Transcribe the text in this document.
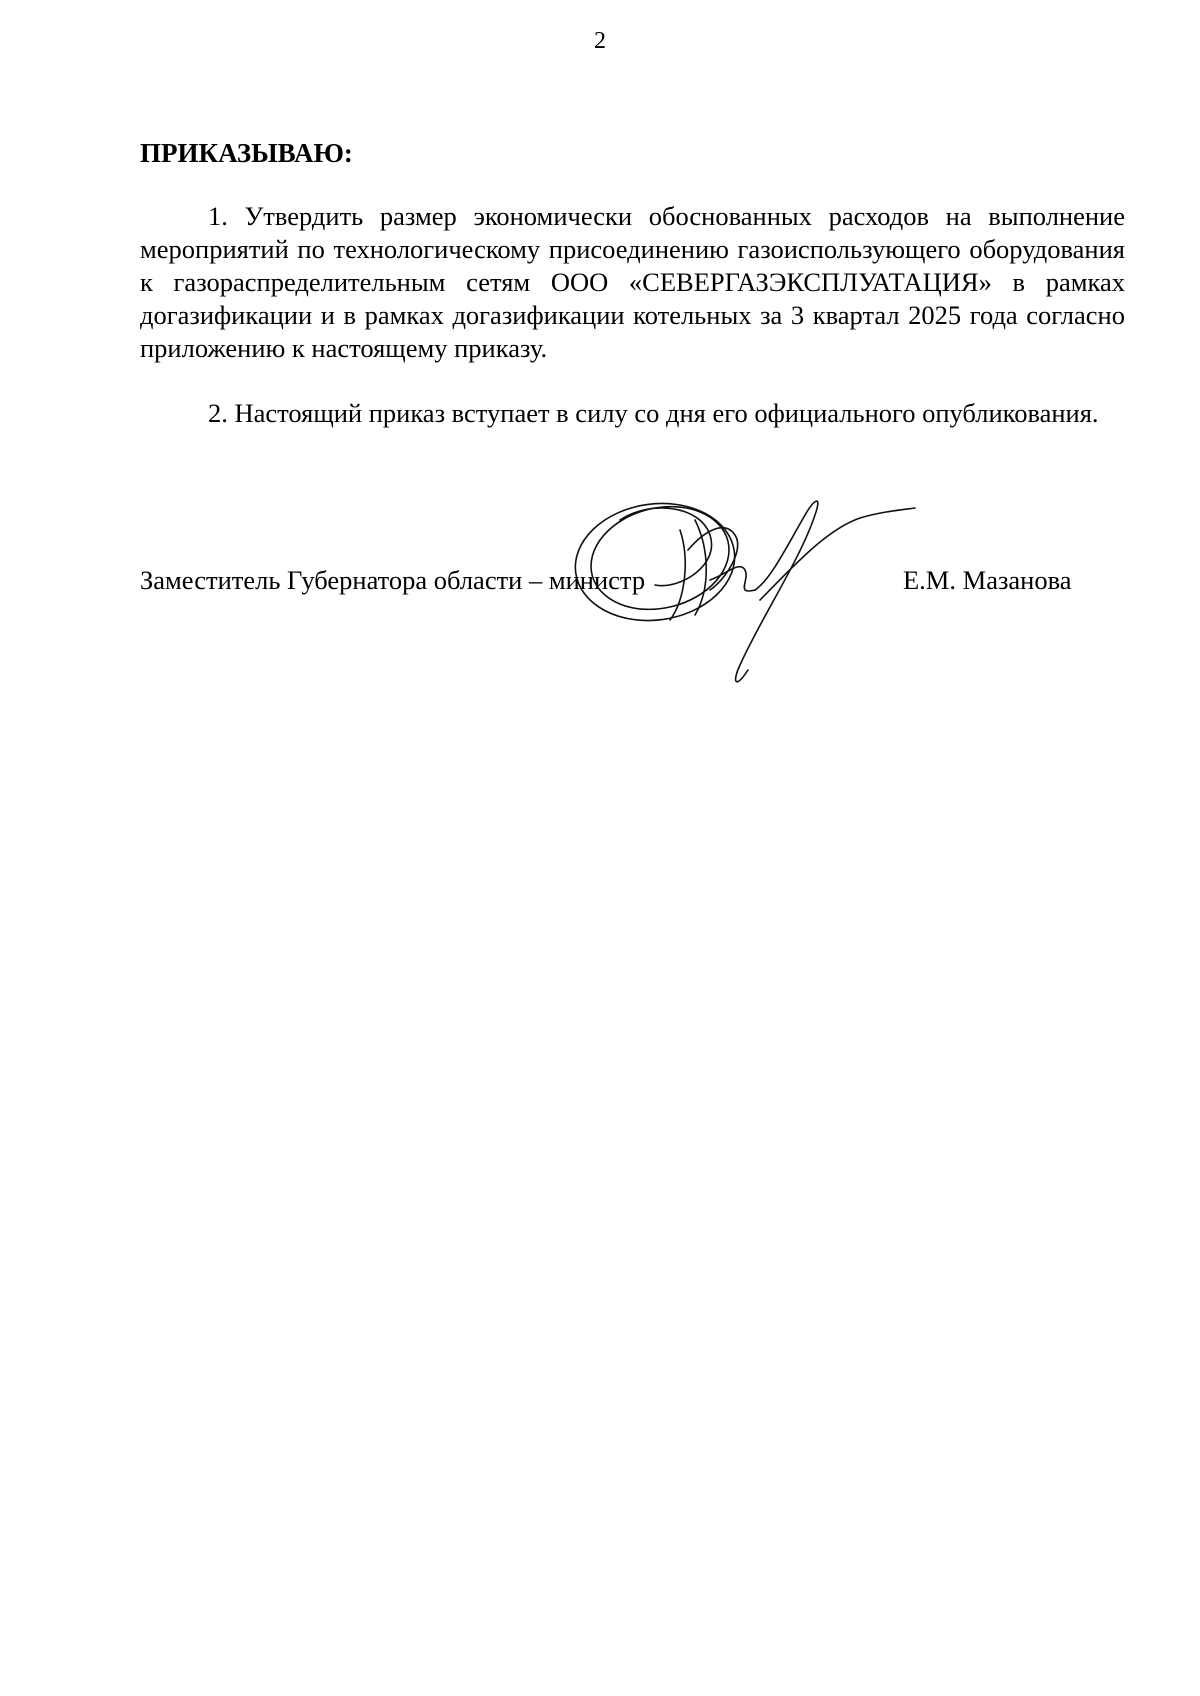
2
ПРИКАЗЫВАЮ:

1. Утвердить размер экономически обоснованных расходов на выполнение мероприятий по технологическому присоединению газоиспользующего оборудования к газораспределительным сетям ООО «СЕВЕРГАЗЭКСПЛУАТАЦИЯ» в рамках догазификации и в рамках догазификации котельных за 3 квартал 2025 года согласно приложению к настоящему приказу.

2. Настоящий приказ вступает в силу со дня его официального опубликования.

Заместитель Губернатора области – министр	Е.М. Мазанова
